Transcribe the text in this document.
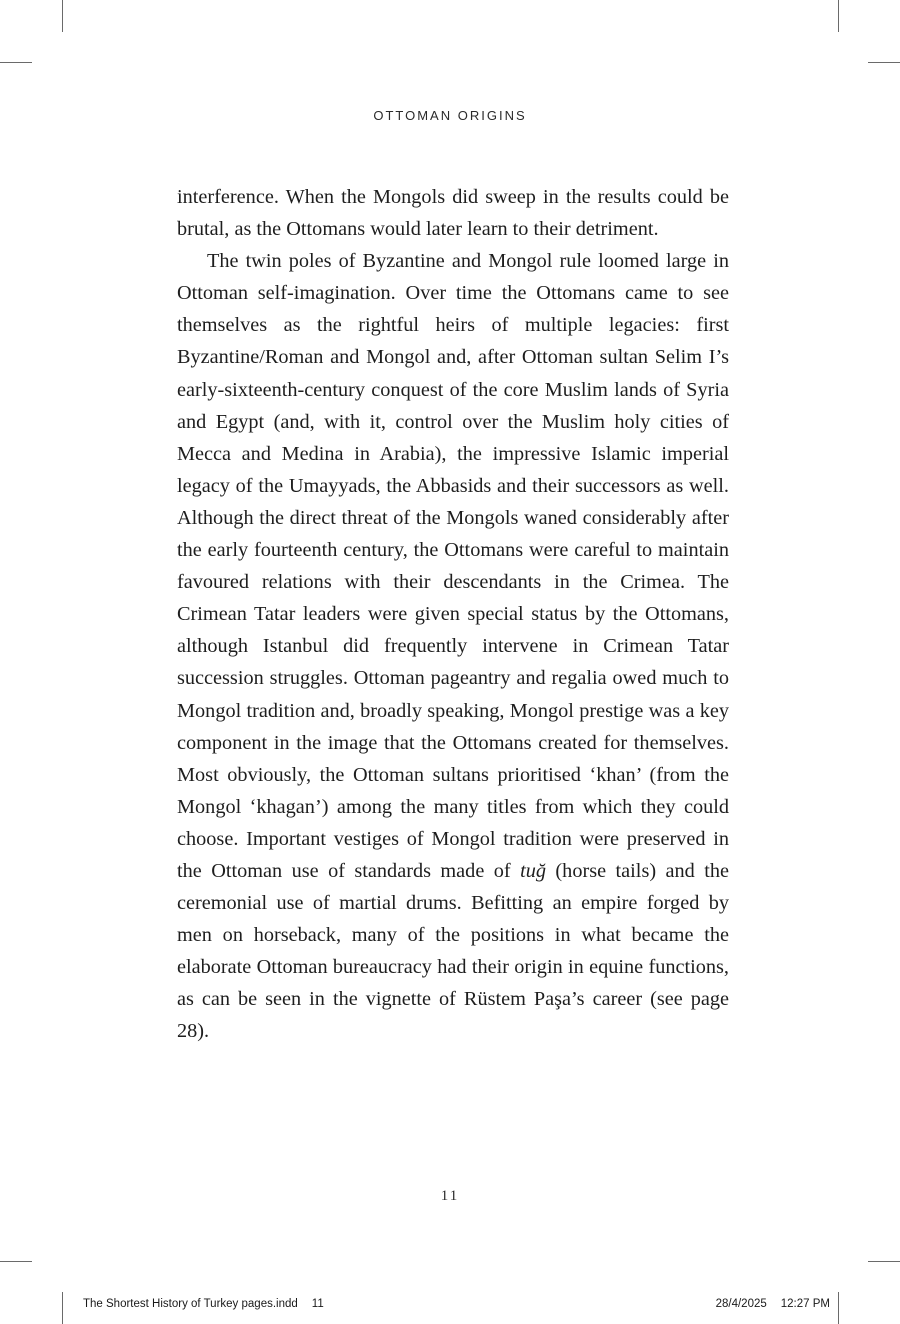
OTTOMAN ORIGINS

interference. When the Mongols did sweep in the results could be brutal, as the Ottomans would later learn to their detriment.

The twin poles of Byzantine and Mongol rule loomed large in Ottoman self-imagination. Over time the Ottomans came to see themselves as the rightful heirs of multiple legacies: first Byzantine/Roman and Mongol and, after Ottoman sultan Selim I’s early-sixteenth-century conquest of the core Muslim lands of Syria and Egypt (and, with it, control over the Muslim holy cities of Mecca and Medina in Arabia), the impressive Islamic imperial legacy of the Umayyads, the Abbasids and their successors as well. Although the direct threat of the Mongols waned considerably after the early fourteenth century, the Ottomans were careful to maintain favoured relations with their descendants in the Crimea. The Crimean Tatar leaders were given special status by the Ottomans, although Istanbul did frequently intervene in Crimean Tatar succession struggles. Ottoman pageantry and regalia owed much to Mongol tradition and, broadly speaking, Mongol prestige was a key component in the image that the Ottomans created for themselves. Most obviously, the Ottoman sultans prioritised ‘khan’ (from the Mongol ‘khagan’) among the many titles from which they could choose. Important vestiges of Mongol tradition were preserved in the Ottoman use of standards made of tuğ (horse tails) and the ceremonial use of martial drums. Befitting an empire forged by men on horseback, many of the positions in what became the elaborate Ottoman bureaucracy had their origin in equine functions, as can be seen in the vignette of Rüstem Paşa’s career (see page 28).

11
The Shortest History of Turkey pages.indd 11	28/4/2025 12:27 PM
